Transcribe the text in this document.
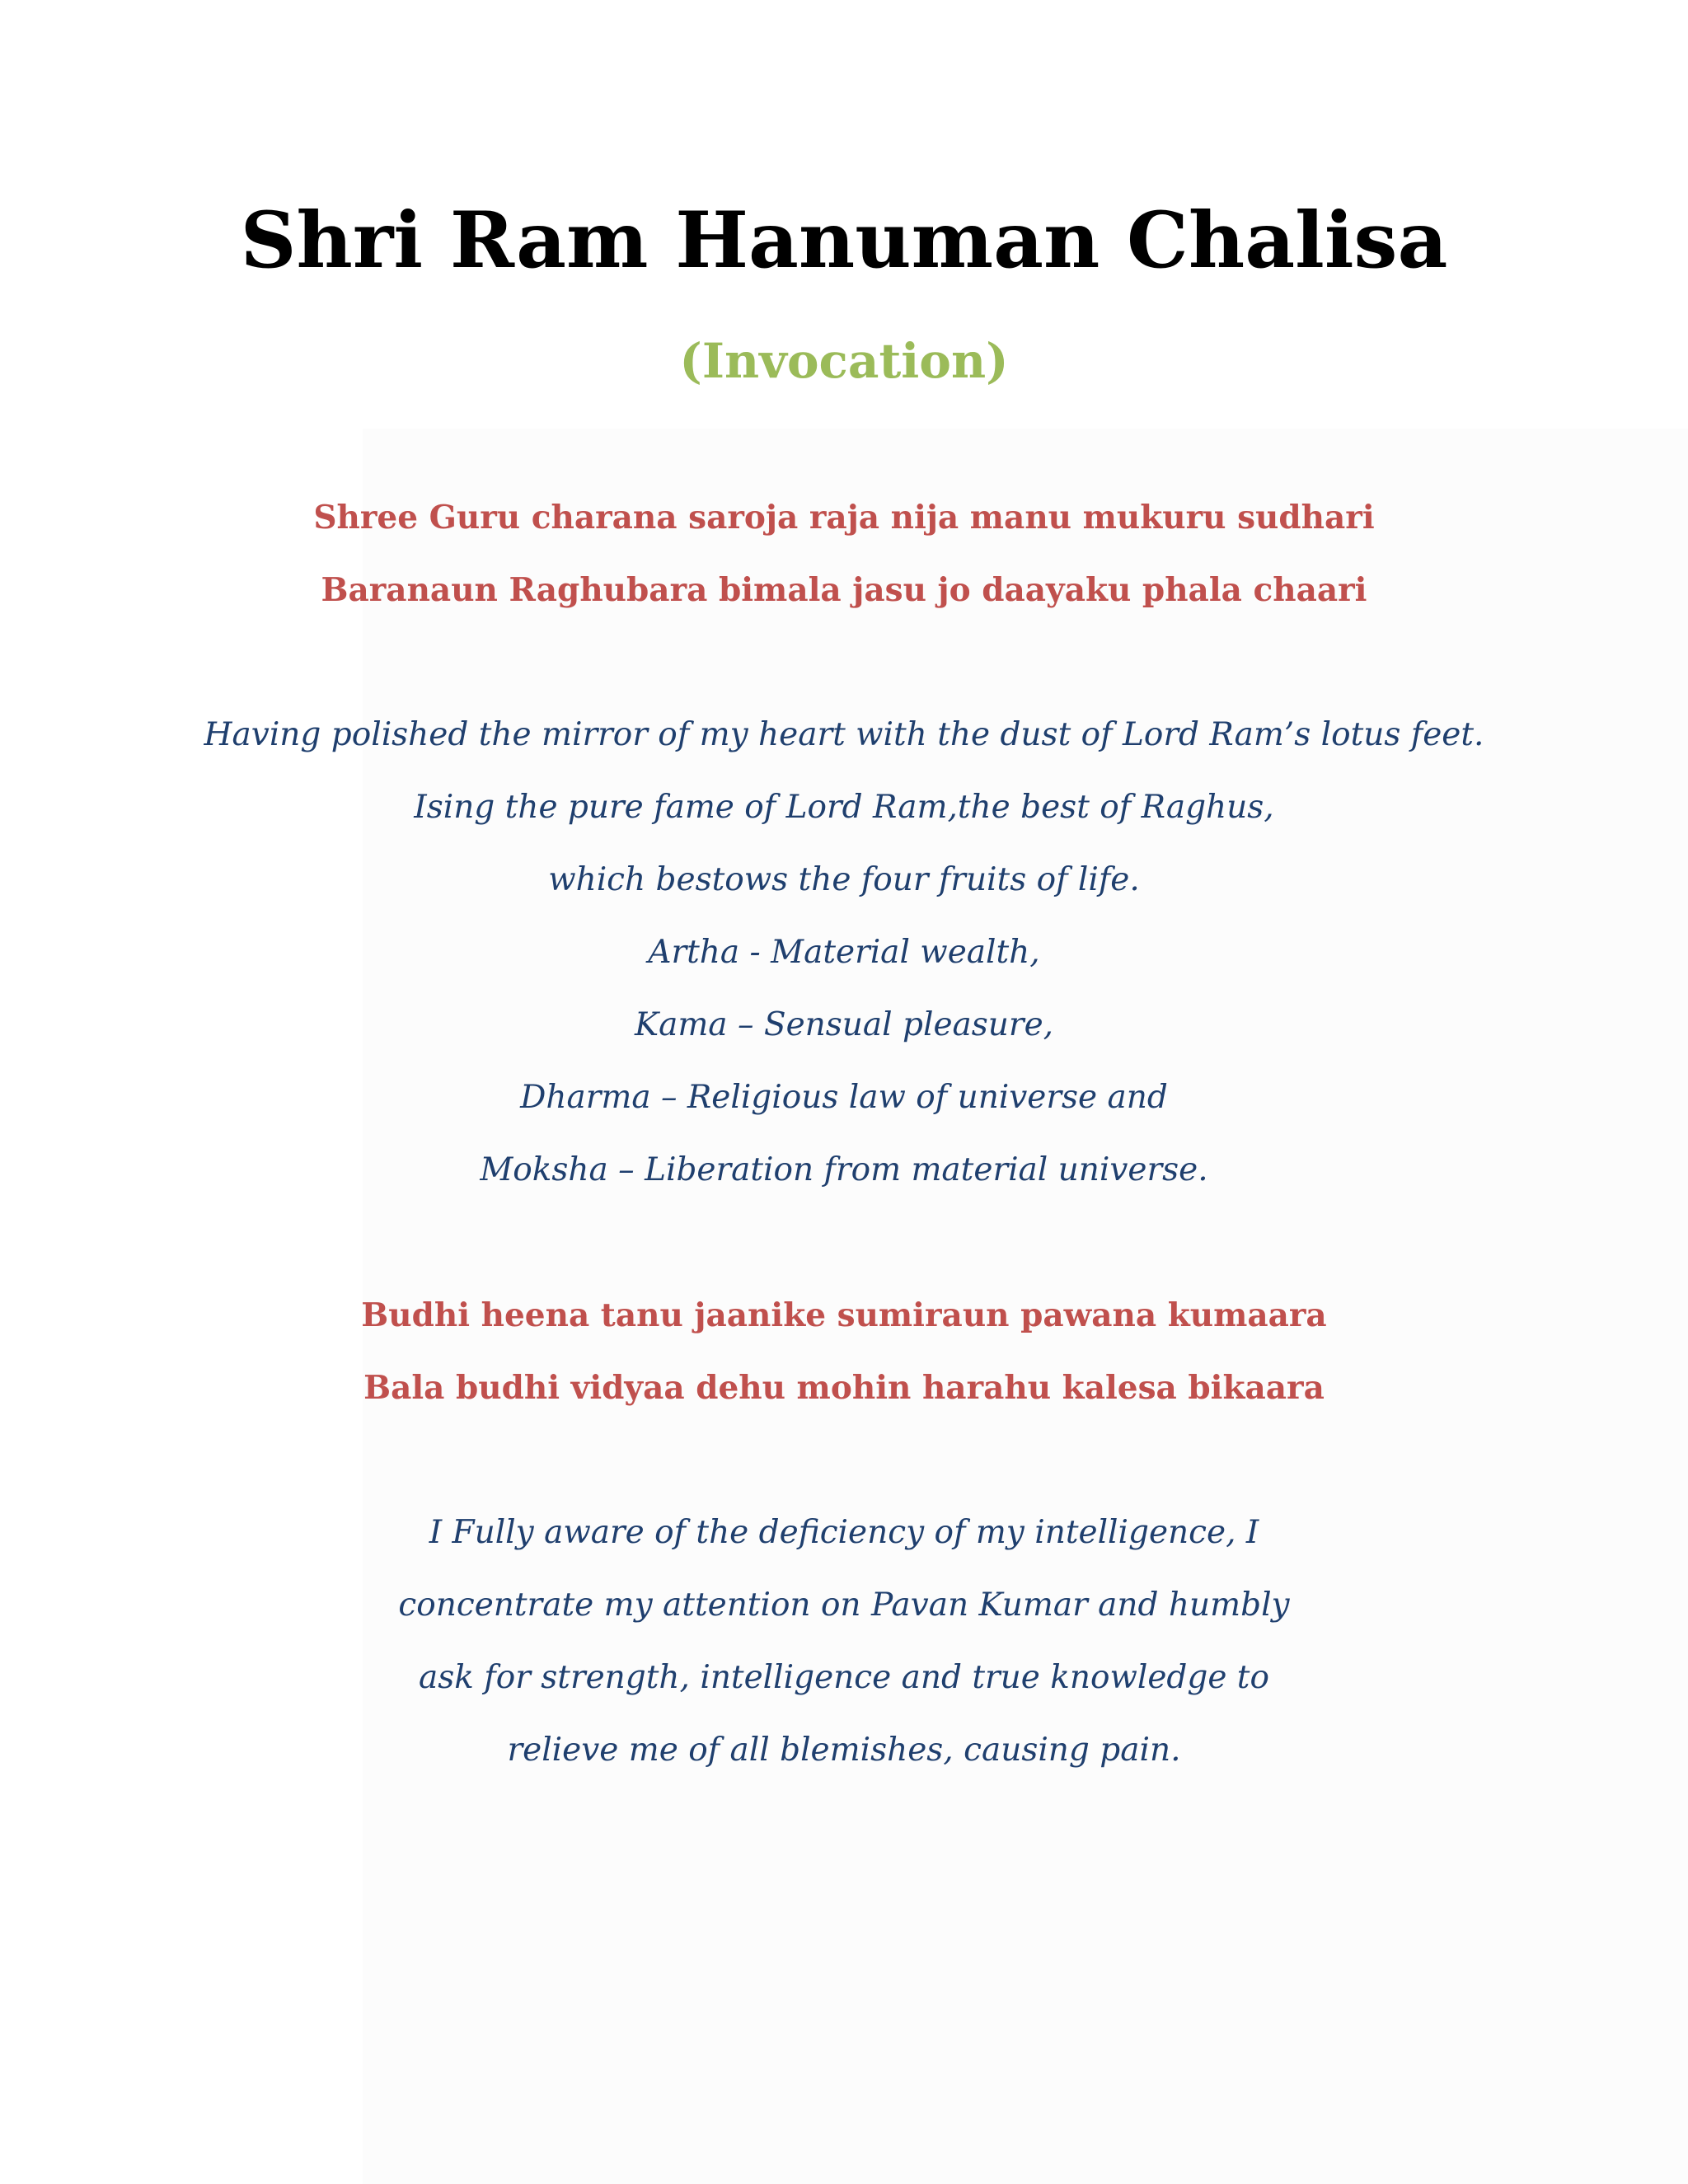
Shri Ram Hanuman Chalisa
(Invocation)
Shree Guru charana saroja raja nija manu mukuru sudhari
Baranaun Raghubara bimala jasu jo daayaku phala chaari
Having polished the mirror of my heart with the dust of Lord Ram’s lotus feet.
Ising the pure fame of Lord Ram,the best of Raghus,
which bestows the four fruits of life.
Artha - Material wealth,
Kama – Sensual pleasure,
Dharma – Religious law of universe and
Moksha – Liberation from material universe.
Budhi heena tanu jaanike sumiraun pawana kumaara
Bala budhi vidyaa dehu mohin harahu kalesa bikaara
I Fully aware of the deficiency of my intelligence, I
concentrate my attention on Pavan Kumar and humbly
ask for strength, intelligence and true knowledge to
relieve me of all blemishes, causing pain.
